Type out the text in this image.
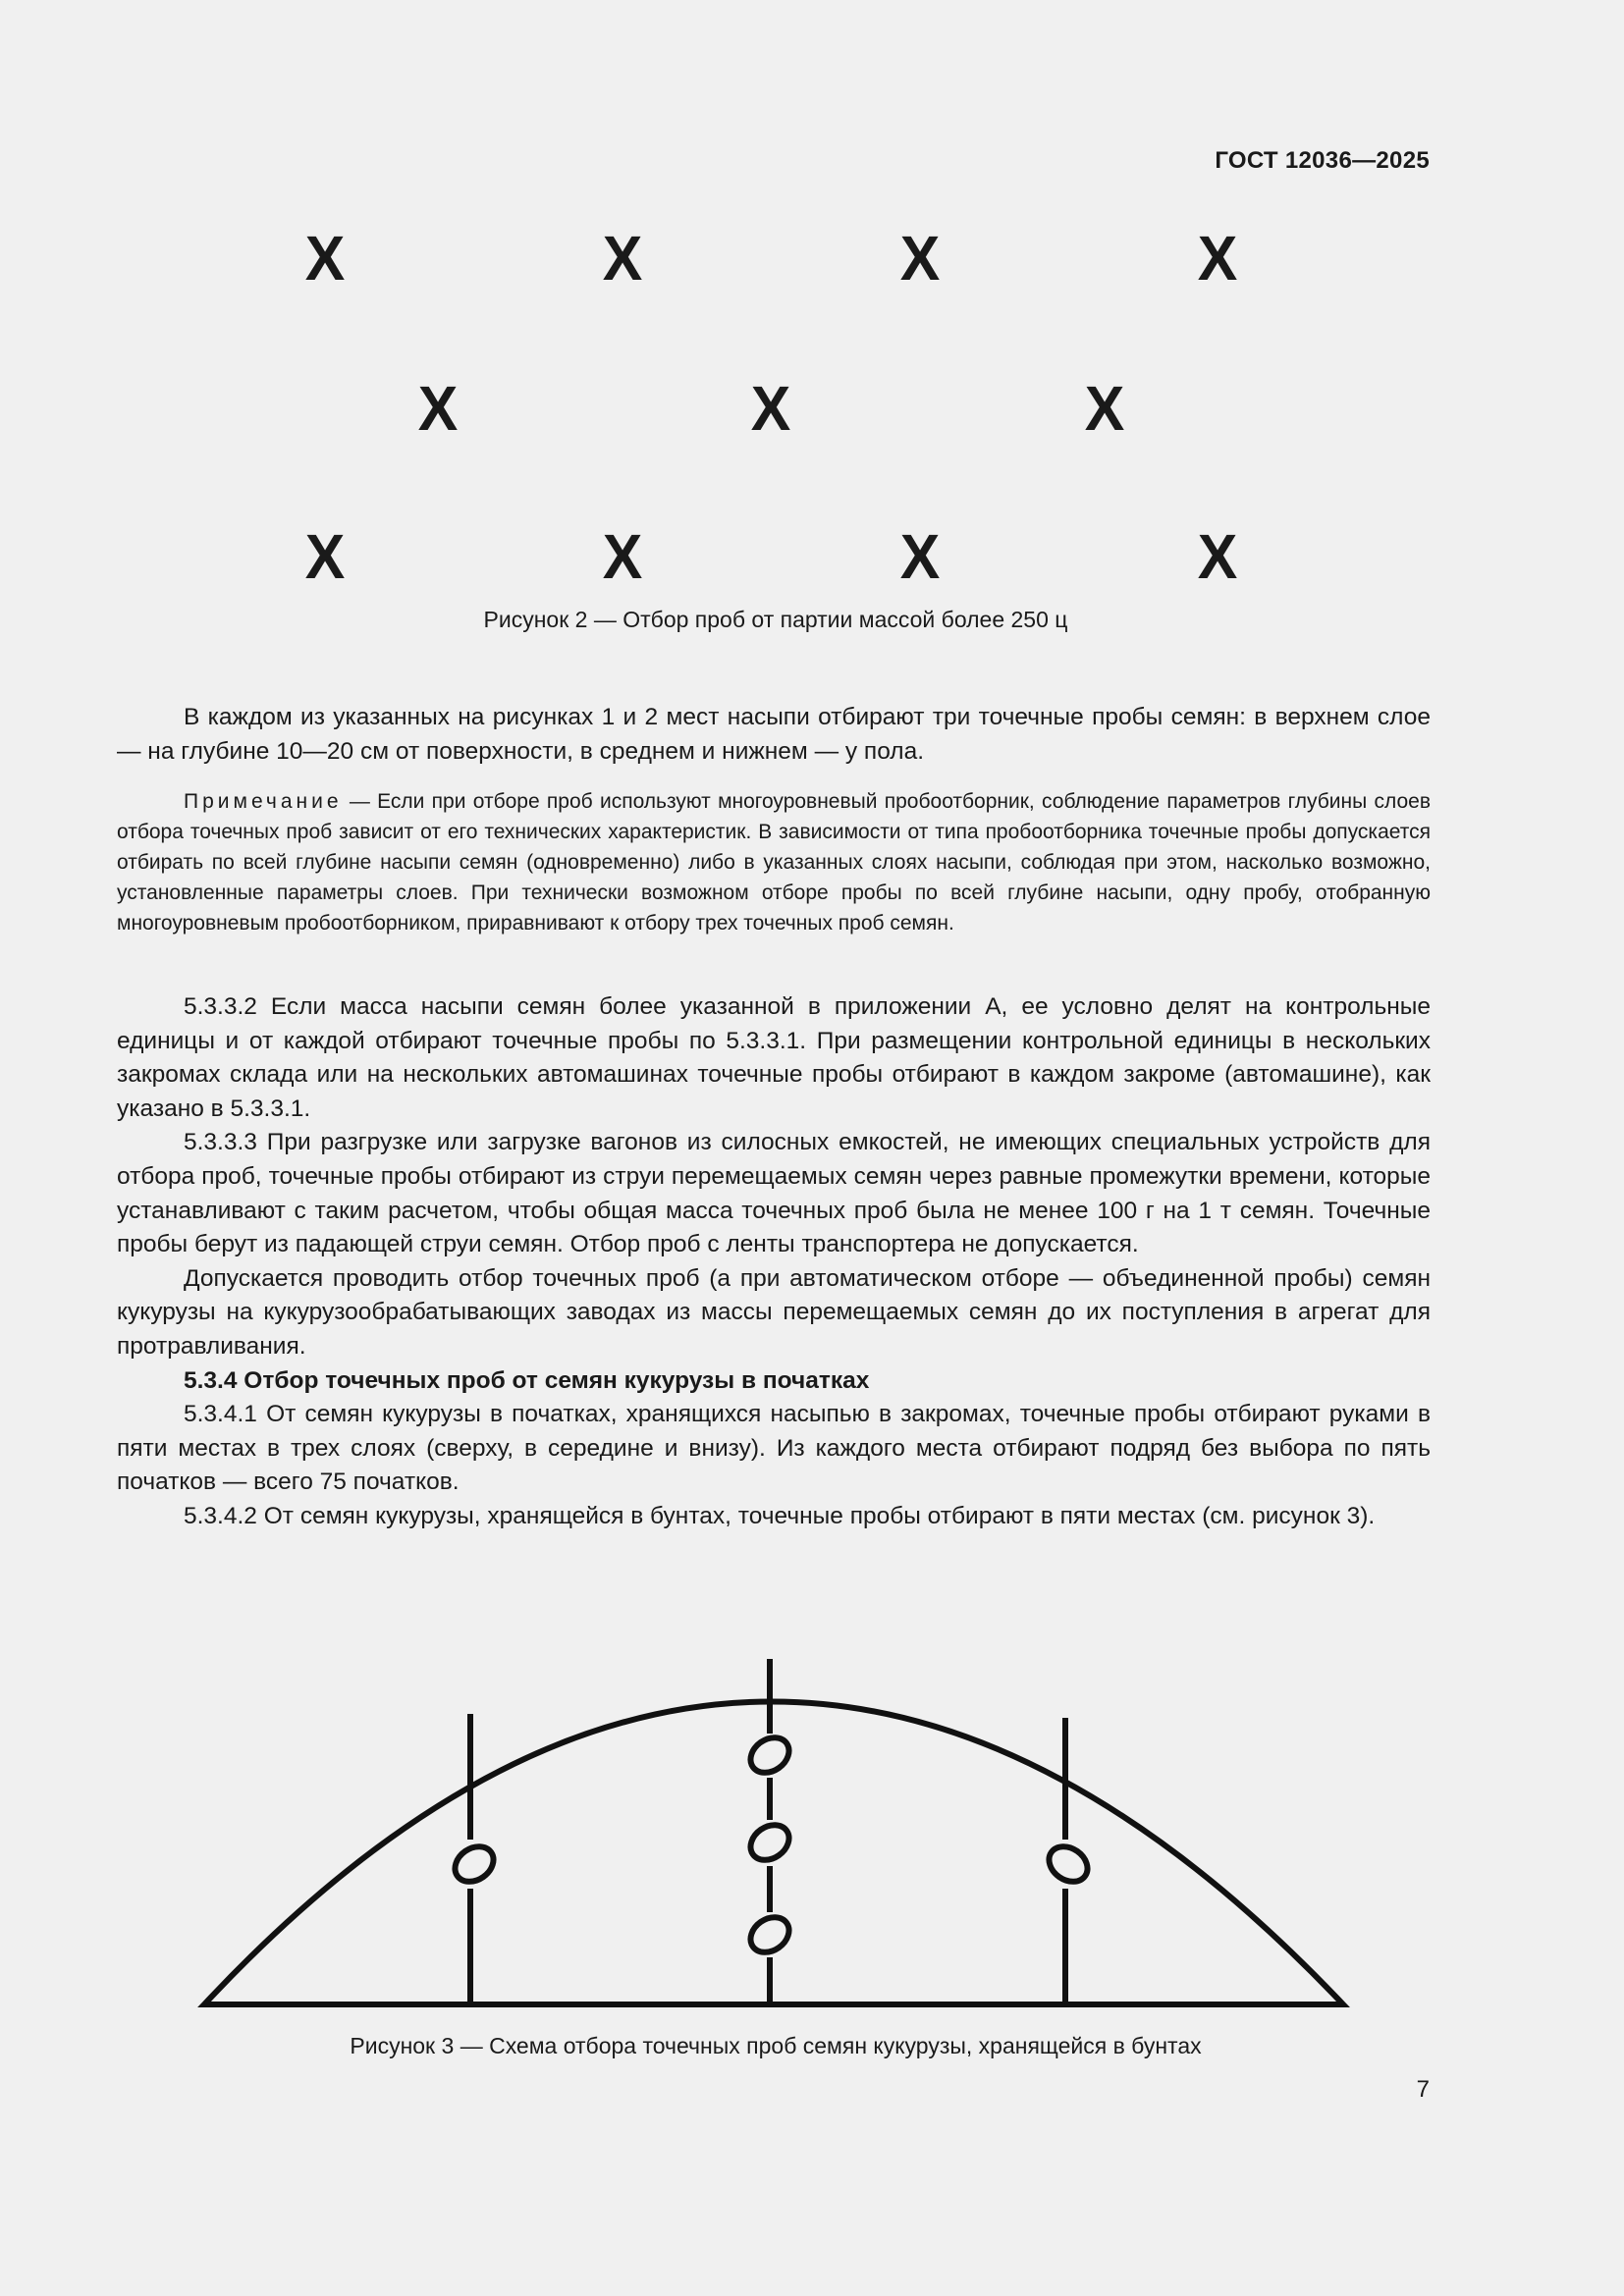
ГОСТ 12036—2025
X	X	X	X
X	X	X
X	X	X	X
Рисунок 2 — Отбор проб от партии массой более 250 ц

В каждом из указанных на рисунках 1 и 2 мест насыпи отбирают три точечные пробы семян: в верхнем слое — на глубине 10—20 см от поверхности, в среднем и нижнем — у пола.

Примечание — Если при отборе проб используют многоуровневый пробоотборник, соблюдение параметров глубины слоев отбора точечных проб зависит от его технических характеристик. В зависимости от типа пробоотборника точечные пробы допускается отбирать по всей глубине насыпи семян (одновременно) либо в указанных слоях насыпи, соблюдая при этом, насколько возможно, установленные параметры слоев. При технически возможном отборе пробы по всей глубине насыпи, одну пробу, отобранную многоуровневым пробоотборником, приравнивают к отбору трех точечных проб семян.

5.3.3.2 Если масса насыпи семян более указанной в приложении А, ее условно делят на контрольные единицы и от каждой отбирают точечные пробы по 5.3.3.1. При размещении контрольной единицы в нескольких закромах склада или на нескольких автомашинах точечные пробы отбирают в каждом закроме (автомашине), как указано в 5.3.3.1.

5.3.3.3 При разгрузке или загрузке вагонов из силосных емкостей, не имеющих специальных устройств для отбора проб, точечные пробы отбирают из струи перемещаемых семян через равные промежутки времени, которые устанавливают с таким расчетом, чтобы общая масса точечных проб была не менее 100 г на 1 т семян. Точечные пробы берут из падающей струи семян. Отбор проб с ленты транспортера не допускается.

Допускается проводить отбор точечных проб (а при автоматическом отборе — объединенной пробы) семян кукурузы на кукурузообрабатывающих заводах из массы перемещаемых семян до их поступления в агрегат для протравливания.

5.3.4 Отбор точечных проб от семян кукурузы в початках

5.3.4.1 От семян кукурузы в початках, хранящихся насыпью в закромах, точечные пробы отбирают руками в пяти местах в трех слоях (сверху, в середине и внизу). Из каждого места отбирают подряд без выбора по пять початков — всего 75 початков.

5.3.4.2 От семян кукурузы, хранящейся в бунтах, точечные пробы отбирают в пяти местах (см. рисунок 3).

Рисунок 3 — Схема отбора точечных проб семян кукурузы, хранящейся в бунтах
7
